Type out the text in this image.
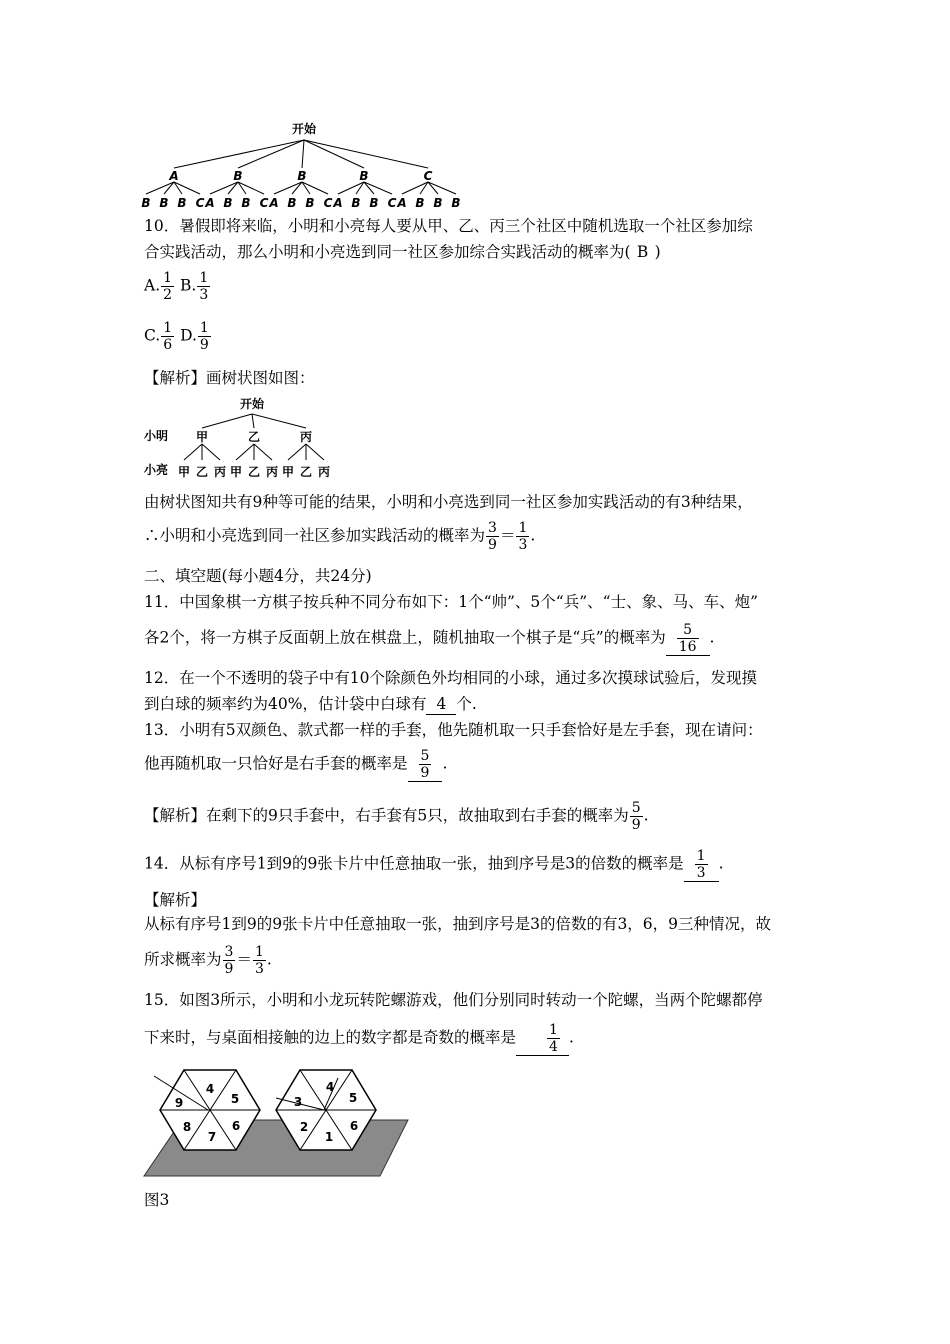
开始
A	B	B	B	C
B B B C A B B C A B B C A B B C A B B B
10．暑假即将来临，小明和小亮每人要从甲、乙、丙三个社区中随机选取一个社区参加综
合实践活动，那么小明和小亮选到同一社区参加综合实践活动的概率为( B )
A. $\frac{1}{2} B$. $\frac{1}{3}$
C. $\frac{1}{6} D$. $\frac{1}{9}$
【解析】画树状图如图：
开始
小明
小亮
甲	乙	丙
甲 乙 丙 甲 乙 丙 甲 乙 丙
由树状图知共有9种等可能的结果，小明和小亮选到同一社区参加实践活动的有3种结果，
∴小明和小亮选到同一社区参加实践活动的概率为 $\frac{3}{9} = \frac{1}{3}$ .
二、填空题(每小题4分，共24分)
11．中国象棋一方棋子按兵种不同分布如下：1个“帅”、5个“兵”、“士、象、马、车、炮”
各2个，将一方棋子反面朝上放在棋盘上，随机抽取一个棋子是“兵”的概率为 $\frac{5}{16}$ .
12．在一个不透明的袋子中有10个除颜色外均相同的小球，通过多次摸球试验后，发现摸
到白球的频率约为40%，估计袋中白球有 4 个.
13．小明有5双颜色、款式都一样的手套，他先随机取一只手套恰好是左手套，现在请问：
他再随机取一只恰好是右手套的概率是 $\frac{5}{9}$ .
【解析】在剩下的9只手套中，右手套有5只，故抽取到右手套的概率为 $\frac{5}{9}$ .
14．从标有序号1到9的9张卡片中任意抽取一张，抽到序号是3的倍数的概率是 $\frac{1}{3}$ .
【解析】
从标有序号1到9的9张卡片中任意抽取一张，抽到序号是3的倍数的有3，6，9三种情况，故
所求概率为 $\frac{3}{9} = \frac{1}{3}$ .
15．如图3所示，小明和小龙玩转陀螺游戏，他们分别同时转动一个陀螺，当两个陀螺都停
下来时，与桌面相接触的边上的数字都是奇数的概率是 $\frac{1}{4}$ .
4
5
6
7
8
9
4
5
6
1
2
3
图3
